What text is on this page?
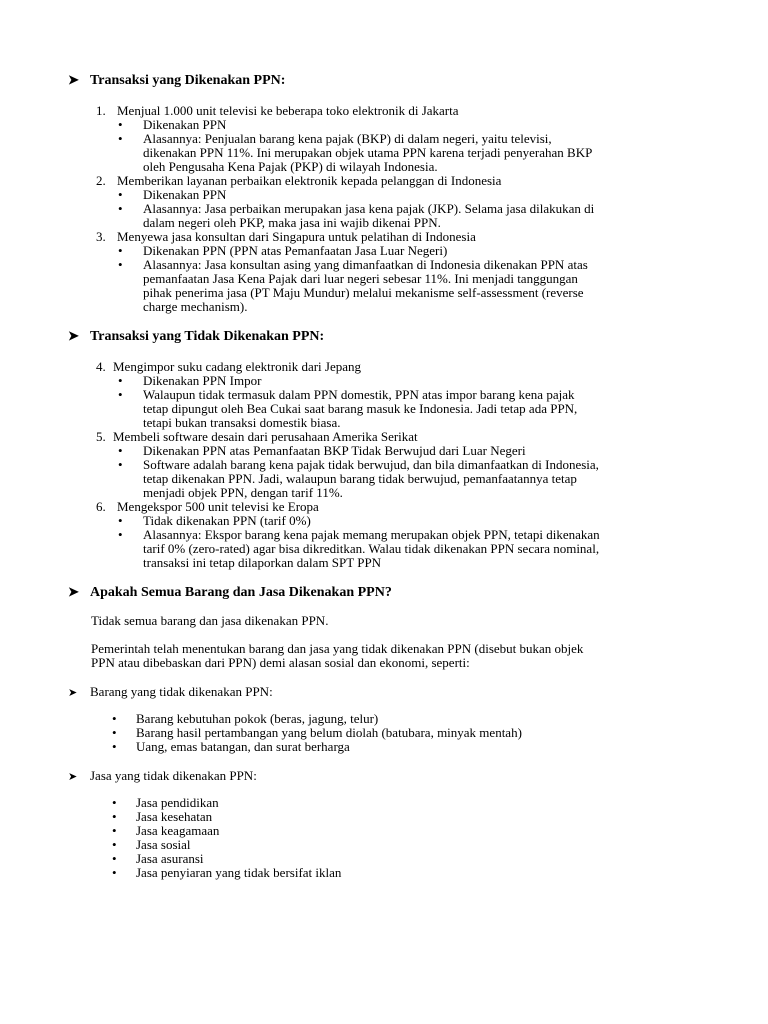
➤ Transaksi yang Dikenakan PPN:
1. Menjual 1.000 unit televisi ke beberapa toko elektronik di Jakarta
• Dikenakan PPN
• Alasannya: Penjualan barang kena pajak (BKP) di dalam negeri, yaitu televisi,
dikenakan PPN 11%. Ini merupakan objek utama PPN karena terjadi penyerahan BKP
oleh Pengusaha Kena Pajak (PKP) di wilayah Indonesia.
2. Memberikan layanan perbaikan elektronik kepada pelanggan di Indonesia
• Dikenakan PPN
• Alasannya: Jasa perbaikan merupakan jasa kena pajak (JKP). Selama jasa dilakukan di
dalam negeri oleh PKP, maka jasa ini wajib dikenai PPN.
3. Menyewa jasa konsultan dari Singapura untuk pelatihan di Indonesia
• Dikenakan PPN (PPN atas Pemanfaatan Jasa Luar Negeri)
• Alasannya: Jasa konsultan asing yang dimanfaatkan di Indonesia dikenakan PPN atas
pemanfaatan Jasa Kena Pajak dari luar negeri sebesar 11%. Ini menjadi tanggungan
pihak penerima jasa (PT Maju Mundur) melalui mekanisme self-assessment (reverse
charge mechanism).
➤ Transaksi yang Tidak Dikenakan PPN:
4. Mengimpor suku cadang elektronik dari Jepang
• Dikenakan PPN Impor
• Walaupun tidak termasuk dalam PPN domestik, PPN atas impor barang kena pajak
tetap dipungut oleh Bea Cukai saat barang masuk ke Indonesia. Jadi tetap ada PPN,
tetapi bukan transaksi domestik biasa.
5. Membeli software desain dari perusahaan Amerika Serikat
• Dikenakan PPN atas Pemanfaatan BKP Tidak Berwujud dari Luar Negeri
• Software adalah barang kena pajak tidak berwujud, dan bila dimanfaatkan di Indonesia,
tetap dikenakan PPN. Jadi, walaupun barang tidak berwujud, pemanfaatannya tetap
menjadi objek PPN, dengan tarif 11%.
6. Mengekspor 500 unit televisi ke Eropa
• Tidak dikenakan PPN (tarif 0%)
• Alasannya: Ekspor barang kena pajak memang merupakan objek PPN, tetapi dikenakan
tarif 0% (zero-rated) agar bisa dikreditkan. Walau tidak dikenakan PPN secara nominal,
transaksi ini tetap dilaporkan dalam SPT PPN
➤ Apakah Semua Barang dan Jasa Dikenakan PPN?
Tidak semua barang dan jasa dikenakan PPN.
Pemerintah telah menentukan barang dan jasa yang tidak dikenakan PPN (disebut bukan objek
PPN atau dibebaskan dari PPN) demi alasan sosial dan ekonomi, seperti:
➤ Barang yang tidak dikenakan PPN:
• Barang kebutuhan pokok (beras, jagung, telur)
• Barang hasil pertambangan yang belum diolah (batubara, minyak mentah)
• Uang, emas batangan, dan surat berharga
➤ Jasa yang tidak dikenakan PPN:
• Jasa pendidikan
• Jasa kesehatan
• Jasa keagamaan
• Jasa sosial
• Jasa asuransi
• Jasa penyiaran yang tidak bersifat iklan
